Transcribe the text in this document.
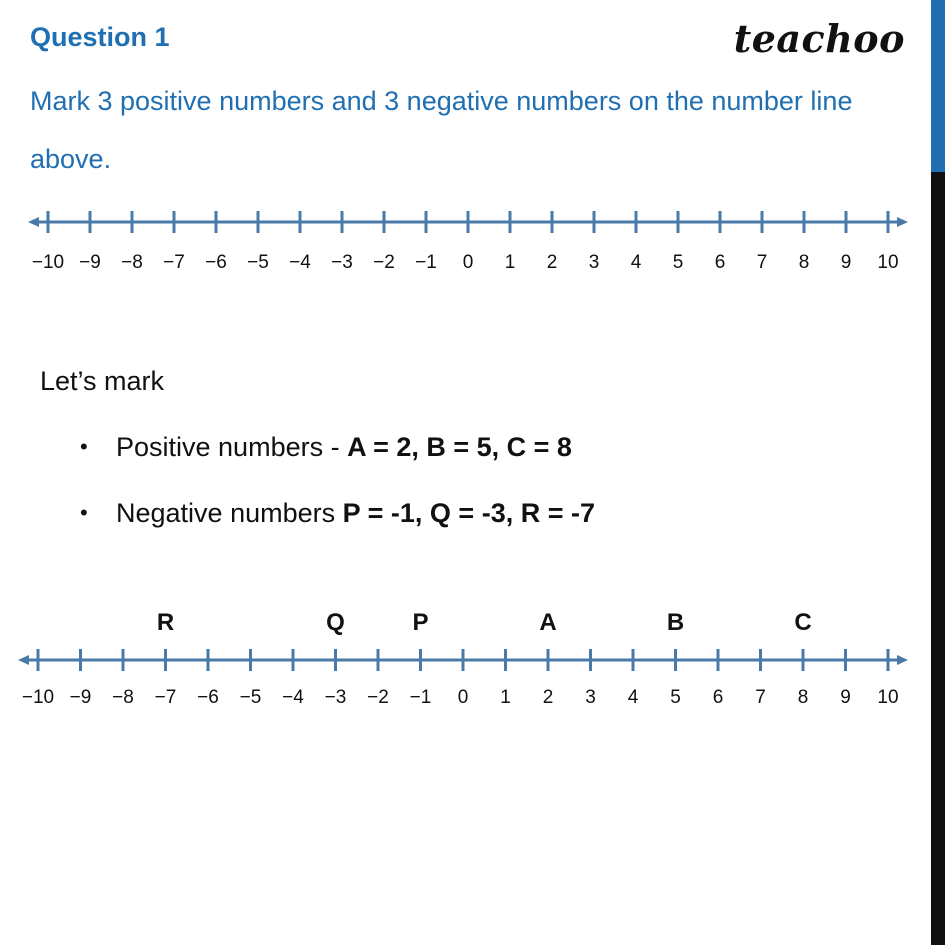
Question 1	teachoo
Mark 3 positive numbers and 3 negative numbers on the number line above.
−10 −9 −8 −7 −6 −5 −4 −3 −2 −1 0 1 2 3 4 5 6 7 8 9 10
Let’s mark
• Positive numbers - A = 2, B = 5, C = 8
• Negative numbers P = -1, Q = -3, R = -7
−10 −9 −8 −7 −6 −5 −4 −3 −2 −1 0 1 2 3 4 5 6 7 8 9 10
R	Q	P	A	B	C
